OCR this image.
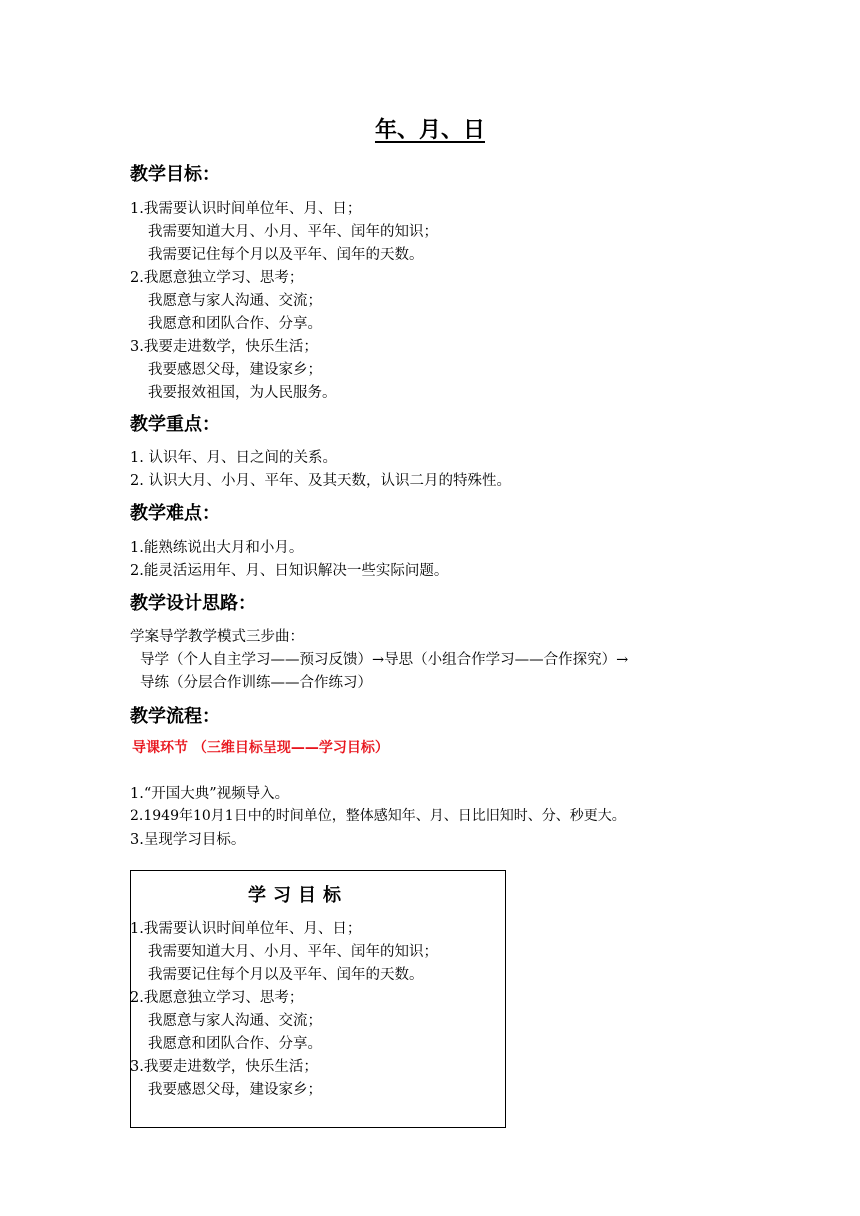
年、月、日
教学目标：
1.我需要认识时间单位年、月、日；
我需要知道大月、小月、平年、闰年的知识；
我需要记住每个月以及平年、闰年的天数。
2.我愿意独立学习、思考；
我愿意与家人沟通、交流；
我愿意和团队合作、分享。
3.我要走进数学，快乐生活；
我要感恩父母，建设家乡；
我要报效祖国，为人民服务。
教学重点：
1. 认识年、月、日之间的关系。
2. 认识大月、小月、平年、及其天数，认识二月的特殊性。
教学难点：
1.能熟练说出大月和小月。
2.能灵活运用年、月、日知识解决一些实际问题。
教学设计思路：
学案导学教学模式三步曲：
导学（个人自主学习——预习反馈）→导思（小组合作学习——合作探究）→
导练（分层合作训练——合作练习）
教学流程：
导课环节 （三维目标呈现——学习目标）
1.“开国大典”视频导入。
2.1949年10月1日中的时间单位，整体感知年、月、日比旧知时、分、秒更大。
3.呈现学习目标。
学习目标
1.我需要认识时间单位年、月、日；
我需要知道大月、小月、平年、闰年的知识；
我需要记住每个月以及平年、闰年的天数。
2.我愿意独立学习、思考；
我愿意与家人沟通、交流；
我愿意和团队合作、分享。
3.我要走进数学，快乐生活；
我要感恩父母，建设家乡；
